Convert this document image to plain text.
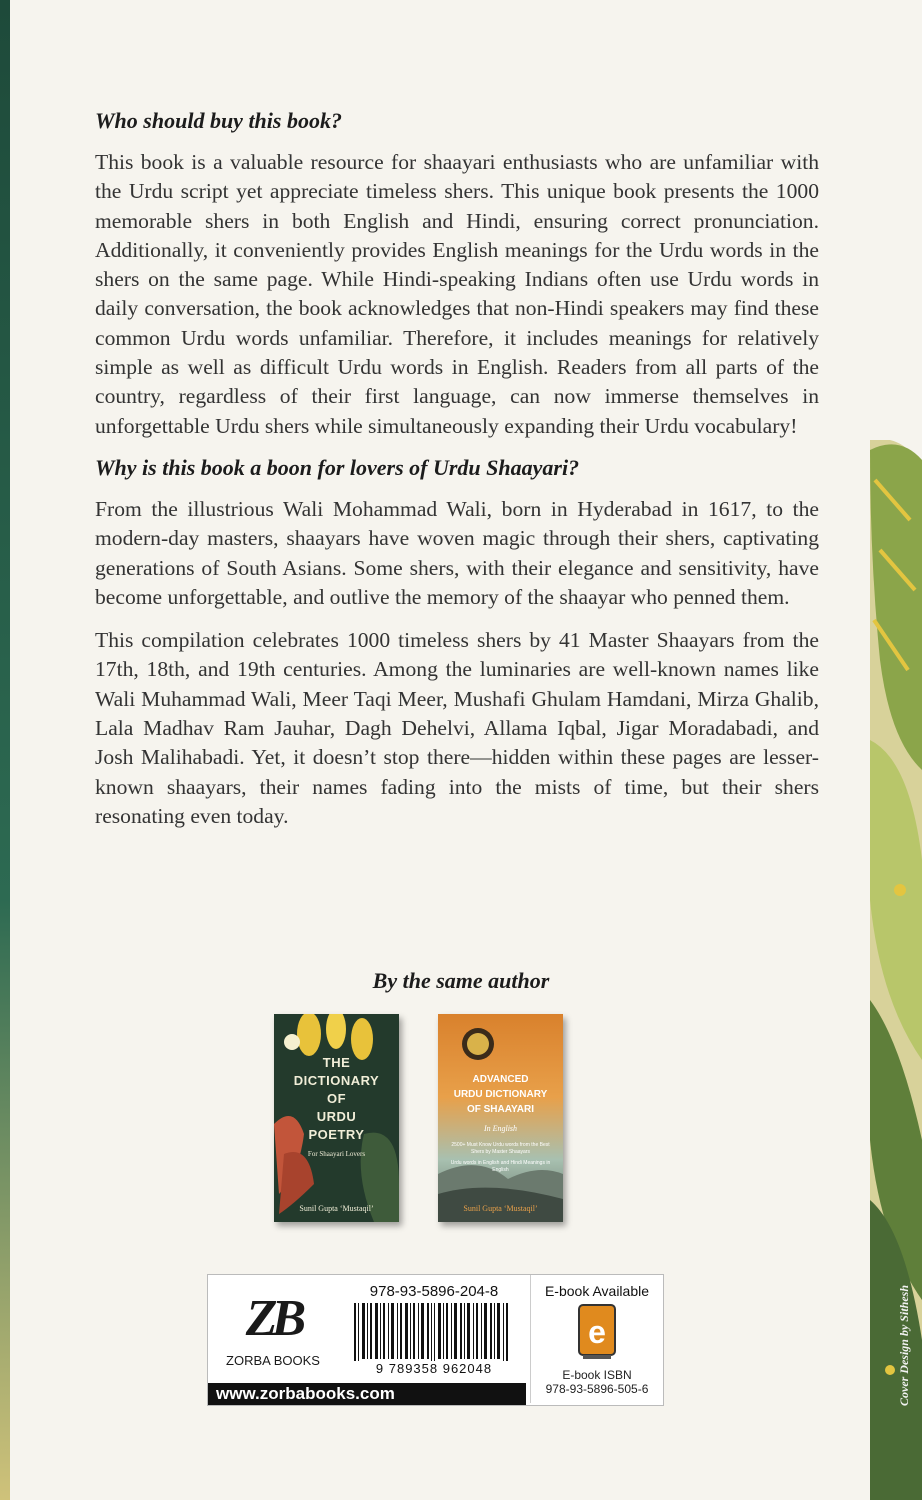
Who should buy this book?

This book is a valuable resource for shaayari enthusiasts who are unfamiliar with the Urdu script yet appreciate timeless shers. This unique book presents the 1000 memorable shers in both English and Hindi, ensuring correct pronunciation. Additionally, it conveniently provides English meanings for the Urdu words in the shers on the same page. While Hindi-speaking Indians often use Urdu words in daily conversation, the book acknowledges that non-Hindi speakers may find these common Urdu words unfamiliar. Therefore, it includes meanings for relatively simple as well as difficult Urdu words in English. Readers from all parts of the country, regardless of their first language, can now immerse themselves in unforgettable Urdu shers while simultaneously expanding their Urdu vocabulary!

Why is this book a boon for lovers of Urdu Shaayari?

From the illustrious Wali Mohammad Wali, born in Hyderabad in 1617, to the modern-day masters, shaayars have woven magic through their shers, captivating generations of South Asians. Some shers, with their elegance and sensitivity, have become unforgettable, and outlive the memory of the shaayar who penned them.

This compilation celebrates 1000 timeless shers by 41 Master Shaayars from the 17th, 18th, and 19th centuries. Among the luminaries are well-known names like Wali Muhammad Wali, Meer Taqi Meer, Mushafi Ghulam Hamdani, Mirza Ghalib, Lala Madhav Ram Jauhar, Dagh Dehelvi, Allama Iqbal, Jigar Moradabadi, and Josh Malihabadi. Yet, it doesn’t stop there—hidden within these pages are lesser-known shaayars, their names fading into the mists of time, but their shers resonating even today.

By the same author
THE
DICTIONARY
OF
URDU
POETRY
For Shaayari Lovers
Sunil Gupta ‘Mustaqil’
ADVANCED
URDU DICTIONARY
OF SHAAYARI
In English
2500+ Must Know Urdu words from the Best Shers by Master Shaayars
Urdu words in English and Hindi Meanings in English
Sunil Gupta ‘Mustaqil’
ZB
ZORBA BOOKS
978-93-5896-204-8
9 789358 962048
E-book Available
e
E-book ISBN
978-93-5896-505-6
www.zorbabooks.com	Cover Design by Sithesh
